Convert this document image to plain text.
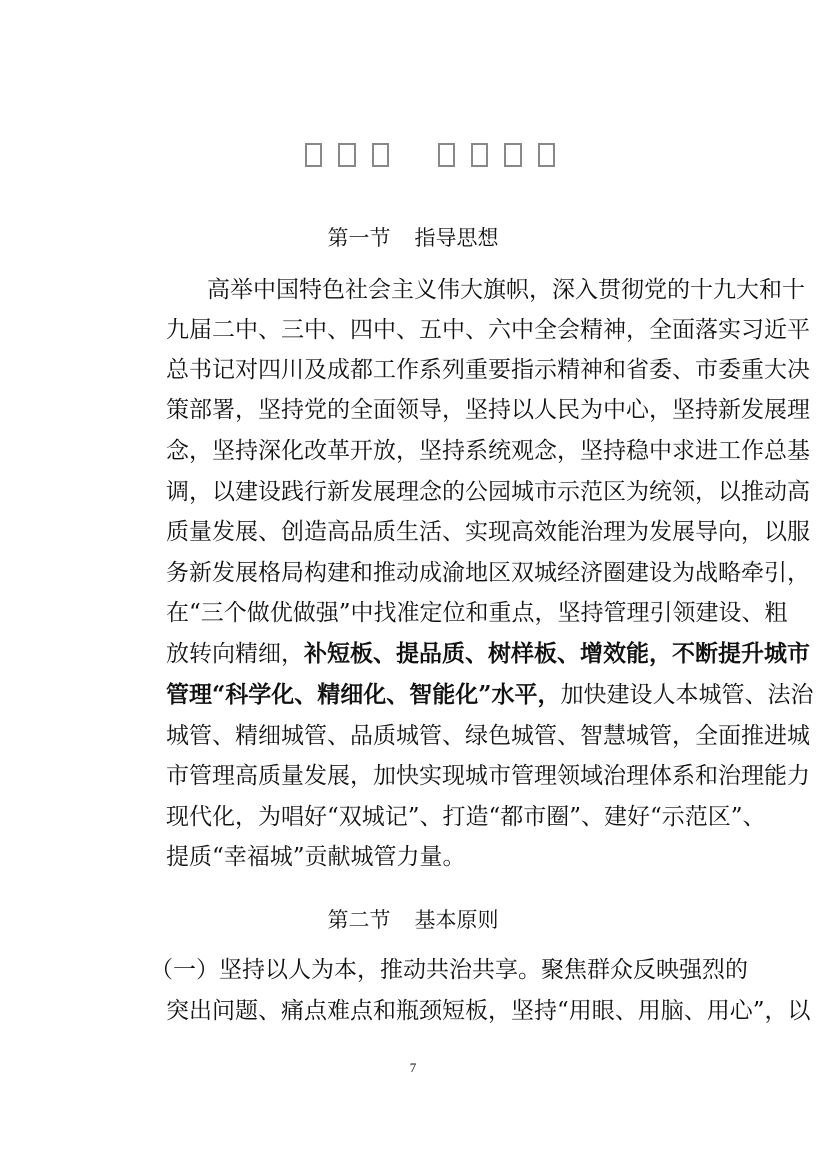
第一节 指导思想
高举中国特色社会主义伟大旗帜，深入贯彻党的十九大和十
九届二中、三中、四中、五中、六中全会精神，全面落实习近平
总书记对四川及成都工作系列重要指示精神和省委、市委重大决
策部署，坚持党的全面领导，坚持以人民为中心，坚持新发展理
念，坚持深化改革开放，坚持系统观念，坚持稳中求进工作总基
调，以建设践行新发展理念的公园城市示范区为统领，以推动高
质量发展、创造高品质生活、实现高效能治理为发展导向，以服
务新发展格局构建和推动成渝地区双城经济圈建设为战略牵引，
在“三个做优做强”中找准定位和重点，坚持管理引领建设、粗
放转向精细，补短板、提品质、树样板、增效能，不断提升城市
管理“科学化、精细化、智能化”水平，加快建设人本城管、法治
城管、精细城管、品质城管、绿色城管、智慧城管，全面推进城
市管理高质量发展，加快实现城市管理领域治理体系和治理能力
现代化，为唱好“双城记”、打造“都市圈”、建好“示范区”、
提质“幸福城”贡献城管力量。
第二节 基本原则
（一）坚持以人为本，推动共治共享。聚焦群众反映强烈的
突出问题、痛点难点和瓶颈短板，坚持“用眼、用脑、用心”，以
7
